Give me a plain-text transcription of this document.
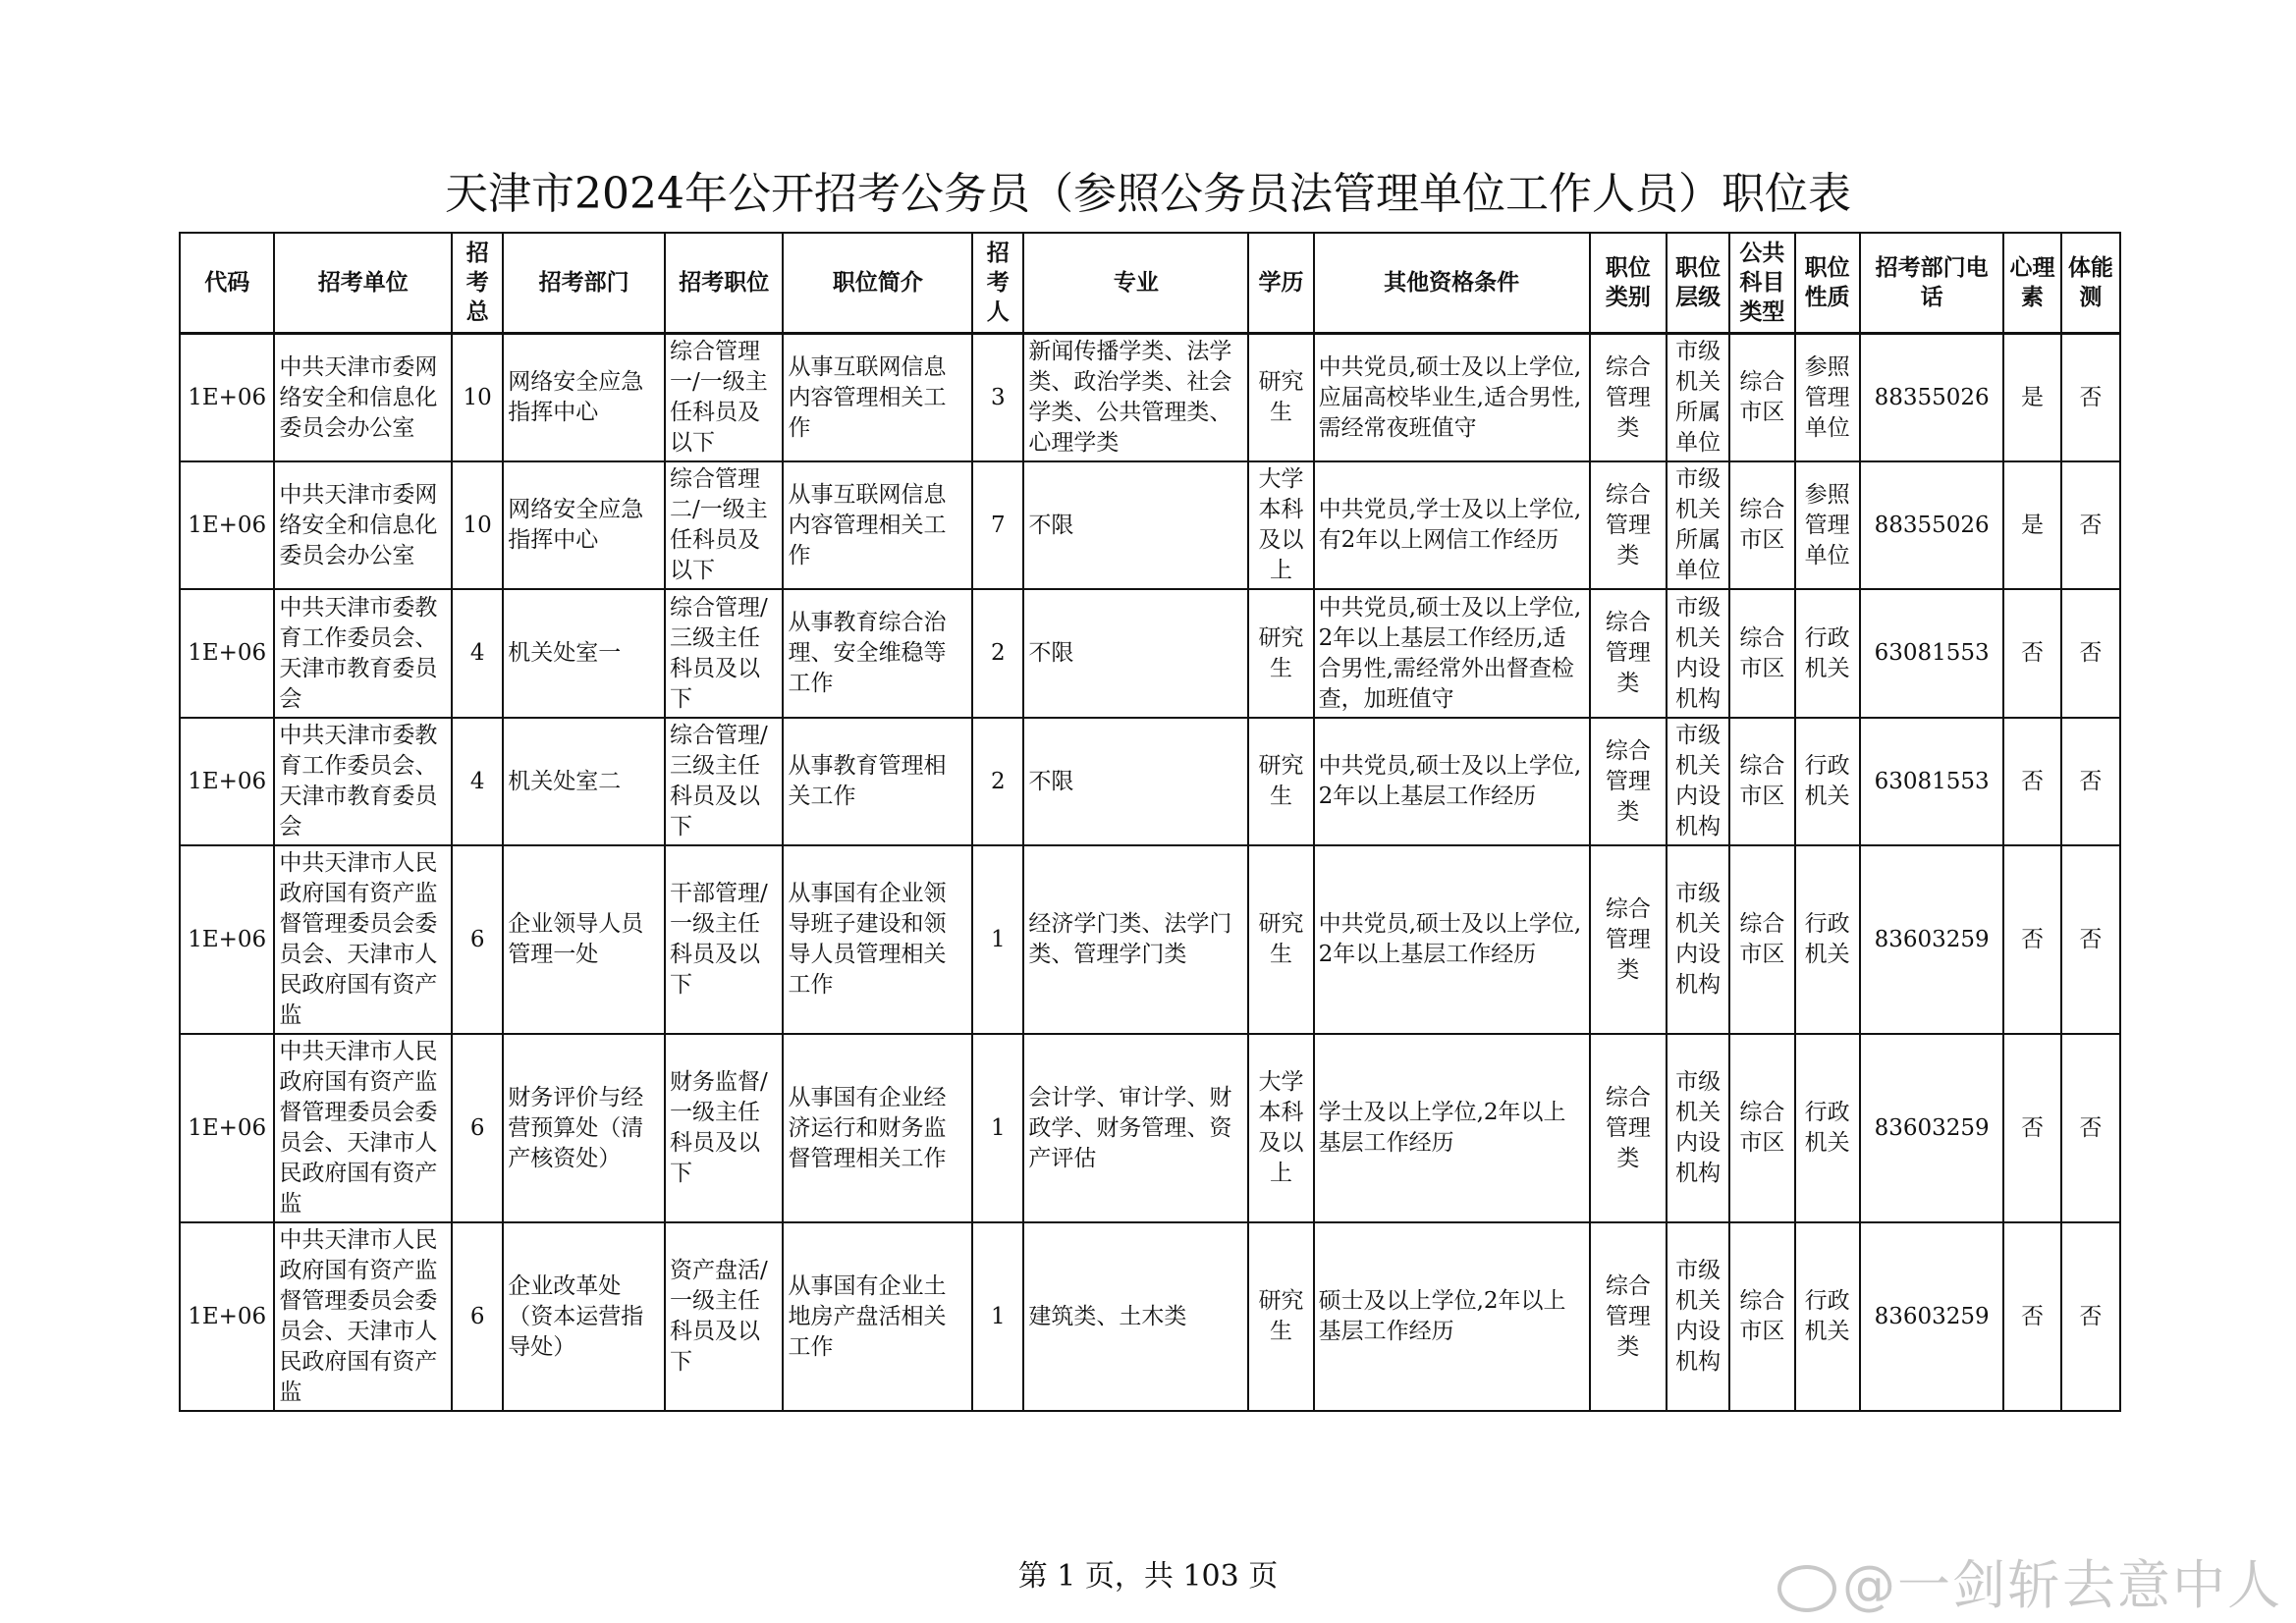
天津市2024年公开招考公务员（参照公务员法管理单位工作人员）职位表
代码	招考单位	招考总	招考部门	招考职位	职位简介	招考人	专业	学历	其他资格条件	职位类别	职位层级	公共科目类型	职位性质	招考部门电话	心理素	体能测
1E+06	中共天津市委网络安全和信息化委员会办公室	10	网络安全应急指挥中心	综合管理一/一级主任科员及以下	从事互联网信息内容管理相关工作	3	新闻传播学类、法学类、政治学类、社会学类、公共管理类、心理学类	研究生	中共党员,硕士及以上学位,应届高校毕业生,适合男性,需经常夜班值守	综合管理类	市级机关所属单位	综合市区	参照管理单位	88355026	是	否
1E+06	中共天津市委网络安全和信息化委员会办公室	10	网络安全应急指挥中心	综合管理二/一级主任科员及以下	从事互联网信息内容管理相关工作	7	不限	大学本科及以上	中共党员,学士及以上学位,有2年以上网信工作经历	综合管理类	市级机关所属单位	综合市区	参照管理单位	88355026	是	否
1E+06	中共天津市委教育工作委员会、天津市教育委员会	4	机关处室一	综合管理/三级主任科员及以下	从事教育综合治理、安全维稳等工作	2	不限	研究生	中共党员,硕士及以上学位,2年以上基层工作经历,适合男性,需经常外出督查检查，加班值守	综合管理类	市级机关内设机构	综合市区	行政机关	63081553	否	否
1E+06	中共天津市委教育工作委员会、天津市教育委员会	4	机关处室二	综合管理/三级主任科员及以下	从事教育管理相关工作	2	不限	研究生	中共党员,硕士及以上学位,2年以上基层工作经历	综合管理类	市级机关内设机构	综合市区	行政机关	63081553	否	否
1E+06	中共天津市人民政府国有资产监督管理委员会委员会、天津市人民政府国有资产监	6	企业领导人员管理一处	干部管理/一级主任科员及以下	从事国有企业领导班子建设和领导人员管理相关工作	1	经济学门类、法学门类、管理学门类	研究生	中共党员,硕士及以上学位,2年以上基层工作经历	综合管理类	市级机关内设机构	综合市区	行政机关	83603259	否	否
1E+06	中共天津市人民政府国有资产监督管理委员会委员会、天津市人民政府国有资产监	6	财务评价与经营预算处（清产核资处）	财务监督/一级主任科员及以下	从事国有企业经济运行和财务监督管理相关工作	1	会计学、审计学、财政学、财务管理、资产评估	大学本科及以上	学士及以上学位,2年以上基层工作经历	综合管理类	市级机关内设机构	综合市区	行政机关	83603259	否	否
1E+06	中共天津市人民政府国有资产监督管理委员会委员会、天津市人民政府国有资产监	6	企业改革处（资本运营指导处）	资产盘活/一级主任科员及以下	从事国有企业土地房产盘活相关工作	1	建筑类、土木类	研究生	硕士及以上学位,2年以上基层工作经历	综合管理类	市级机关内设机构	综合市区	行政机关	83603259	否	否
第 1 页，共 103 页	@一剑斩去意中人
